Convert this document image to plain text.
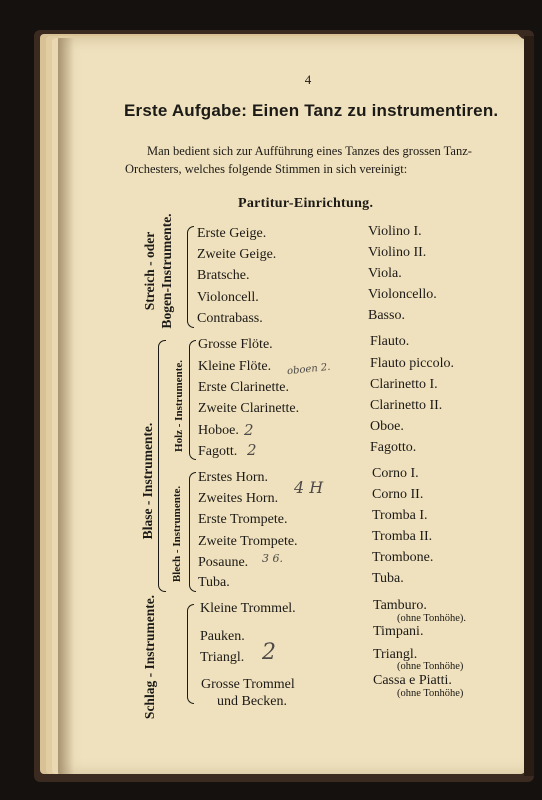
4
Erste Aufgabe: Einen Tanz zu instrumentiren.
Man bedient sich zur Aufführung eines Tanzes des grossen Tanz-
Orchesters, welches folgende Stimmen in sich vereinigt:
Partitur-Einrichtung.
Streich - oder Bogen-Instrumente. Erste Geige.
Zweite Geige.
Bratsche.
Violoncell.
Contrabass.
Violino I.
Violino II.
Viola.
Violoncello.
Basso.
Blase - Instrumente.
Holz - Instrumente.
Grosse Flöte.
Kleine Flöte.
Erste Clarinette.
Zweite Clarinette.
Hoboe.
Fagott.
Flauto.
Flauto piccolo.
Clarinetto I.
Clarinetto II.
Oboe.
Fagotto.
Blech - Instrumente.
Erstes Horn.
Zweites Horn.
Erste Trompete.
Zweite Trompete.
Posaune.
Tuba.
Corno I.
Corno II.
Tromba I.
Tromba II.
Trombone.
Tuba.
Schlag - Instrumente.	Kleine Trommel.
Pauken.
Triangl.
Grosse Trommel
und Becken.
Tamburo.
(ohne Tonhöhe).
Timpani.
Triangl.
(ohne Tonhöhe)
Cassa e Piatti.
(ohne Tonhöhe)
oboen 2.
2
2
4 H
3 6.
2
